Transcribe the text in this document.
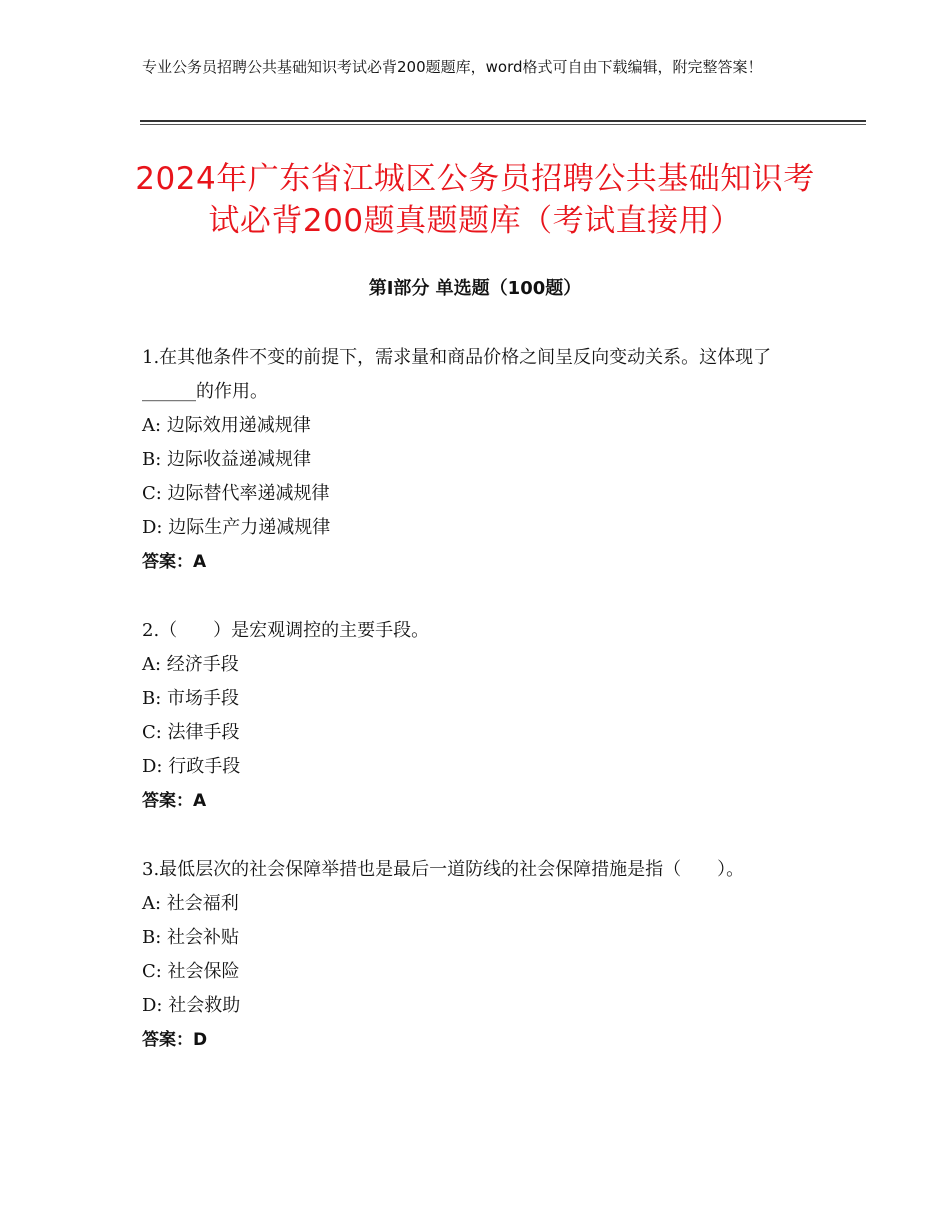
专业公务员招聘公共基础知识考试必背200题题库，word格式可自由下载编辑，附完整答案！
2024年广东省江城区公务员招聘公共基础知识考试必背200题真题题库（考试直接用）
第Ⅰ部分 单选题（100题）

1.在其他条件不变的前提下，需求量和商品价格之间呈反向变动关系。这体现了______的作用。

A: 边际效用递减规律

B: 边际收益递减规律

C: 边际替代率递减规律

D: 边际生产力递减规律

答案：A

2.（　　）是宏观调控的主要手段。

A: 经济手段

B: 市场手段

C: 法律手段

D: 行政手段

答案：A

3.最低层次的社会保障举措也是最后一道防线的社会保障措施是指（　　）。

A: 社会福利

B: 社会补贴

C: 社会保险

D: 社会救助

答案：D
